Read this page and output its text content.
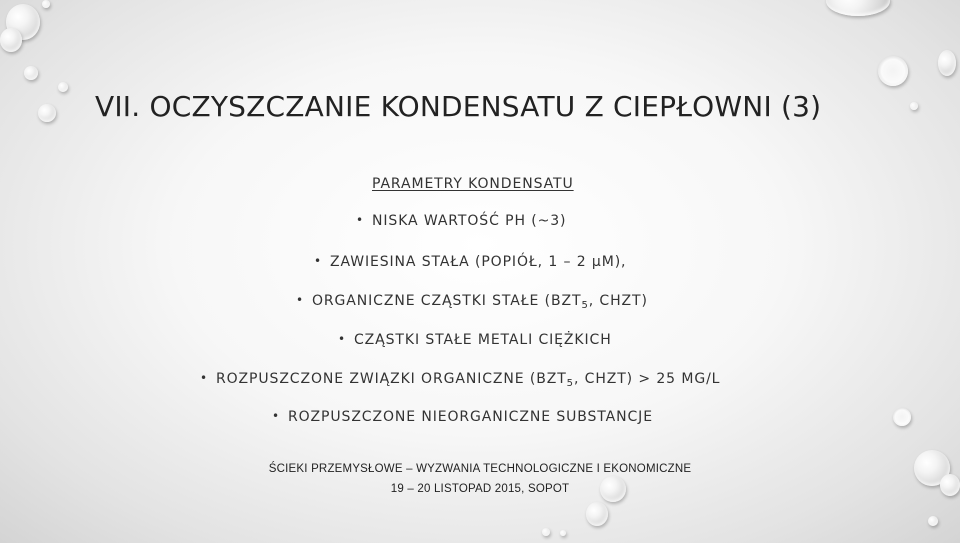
VII. OCZYSZCZANIE KONDENSATU Z CIEPŁOWNI (3)
PARAMETRY KONDENSATU
• NISKA WARTOŚĆ PH (~3)
• ZAWIESINA STAŁA (POPIÓŁ, 1 – 2 µM),
• ORGANICZNE CZĄSTKI STAŁE ($BZT_5$, CHZT)
• CZĄSTKI STAŁE METALI CIĘŻKICH
• ROZPUSZCZONE ZWIĄZKI ORGANICZNE ($BZT_5$, CHZT) > 25 MG/L
• ROZPUSZCZONE NIEORGANICZNE SUBSTANCJE
ŚCIEKI PRZEMYSŁOWE – WYZWANIA TECHNOLOGICZNE I EKONOMICZNE
19 – 20 LISTOPAD 2015, SOPOT
